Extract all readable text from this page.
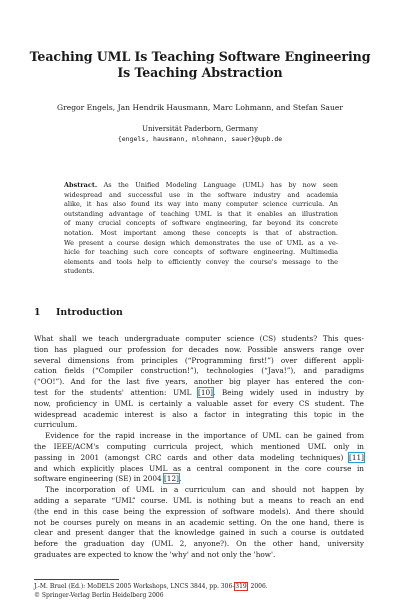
Teaching UML Is Teaching Software Engineering
Is Teaching Abstraction
Gregor Engels, Jan Hendrik Hausmann, Marc Lohmann, and Stefan Sauer
Universität Paderborn, Germany
{engels, hausmann, mlohmann, sauer}@upb.de
Abstract. As the Unified Modeling Language (UML) has by now seen
widespread and successful use in the software industry and academia
alike, it has also found its way into many computer science curricula. An
outstanding advantage of teaching UML is that it enables an illustration
of many crucial concepts of software engineering, far beyond its concrete
notation. Most important among these concepts is that of abstraction.
We present a course design which demonstrates the use of UML as a ve-
hicle for teaching such core concepts of software engineering. Multimedia
elements and tools help to efficiently convey the course's message to the
students.
1 Introduction
What shall we teach undergraduate computer science (CS) students? This ques-
tion has plagued our profession for decades now. Possible answers range over
several dimensions from principles (“Programming first!”) over different appli-
cation fields (“Compiler construction!”), technologies (“Java!”), and paradigms
(“OO!”). And for the last five years, another big player has entered the con-
test for the students' attention: UML [10]. Being widely used in industry by
now, proficiency in UML is certainly a valuable asset for every CS student. The
widespread academic interest is also a factor in integrating this topic in the
curriculum.
Evidence for the rapid increase in the importance of UML can be gained from
the IEEE/ACM's computing curricula project, which mentioned UML only in
passing in 2001 (amongst CRC cards and other data modeling techniques) [11]
and which explicitly places UML as a central component in the core course in
software engineering (SE) in 2004 [12].
The incorporation of UML in a curriculum can and should not happen by
adding a separate “UML” course. UML is nothing but a means to reach an end
(the end in this case being the expression of software models). And there should
not be courses purely on means in an academic setting. On the one hand, there is
clear and present danger that the knowledge gained in such a course is outdated
before the graduation day (UML 2, anyone?). On the other hand, university
graduates are expected to know the 'why' and not only the 'how'.
J.-M. Bruel (Ed.): MoDELS 2005 Workshops, LNCS 3844, pp. 306–319, 2006.
© Springer-Verlag Berlin Heidelberg 2006
